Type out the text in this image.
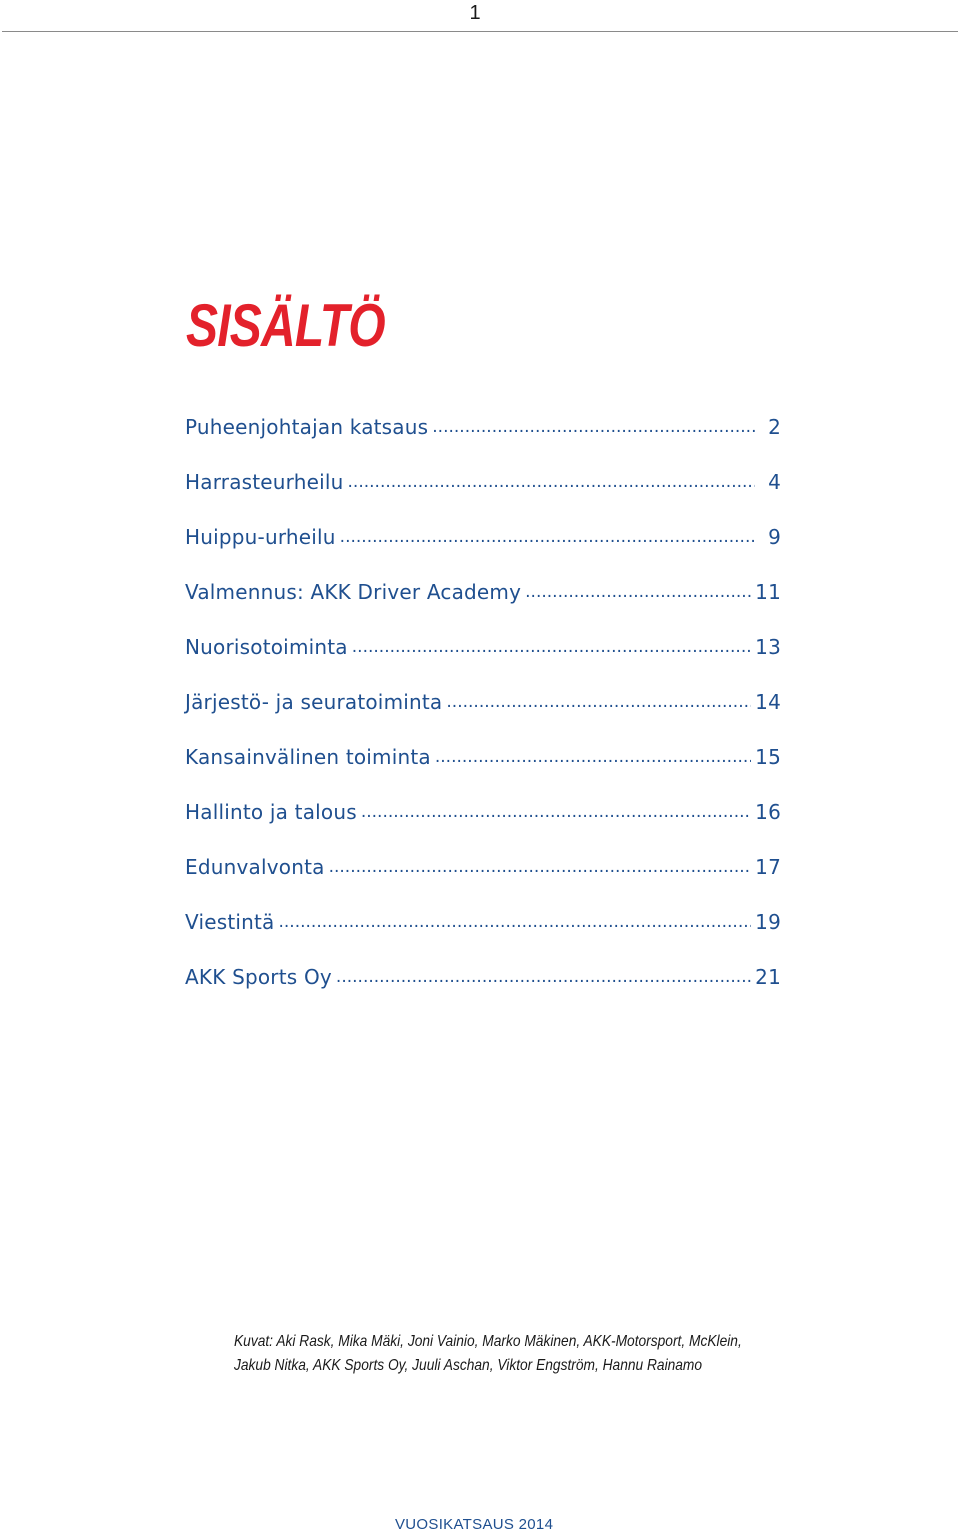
1
SISÄLTÖ
Puheenjohtajan katsaus .....	2
Harrasteurheilu .....	4
Huippu-urheilu .....	9
Valmennus: AKK Driver Academy .....	11
Nuorisotoiminta .....	13
Järjestö- ja seuratoiminta .....	14
Kansainvälinen toiminta .....	15
Hallinto ja talous .....	16
Edunvalvonta .....	17
Viestintä .....	19
AKK Sports Oy .....	21

Kuvat: Aki Rask, Mika Mäki, Joni Vainio, Marko Mäkinen, AKK-Motorsport, McKlein,
Jakub Nitka, AKK Sports Oy, Juuli Aschan, Viktor Engström, Hannu Rainamo

VUOSIKATSAUS 2014
